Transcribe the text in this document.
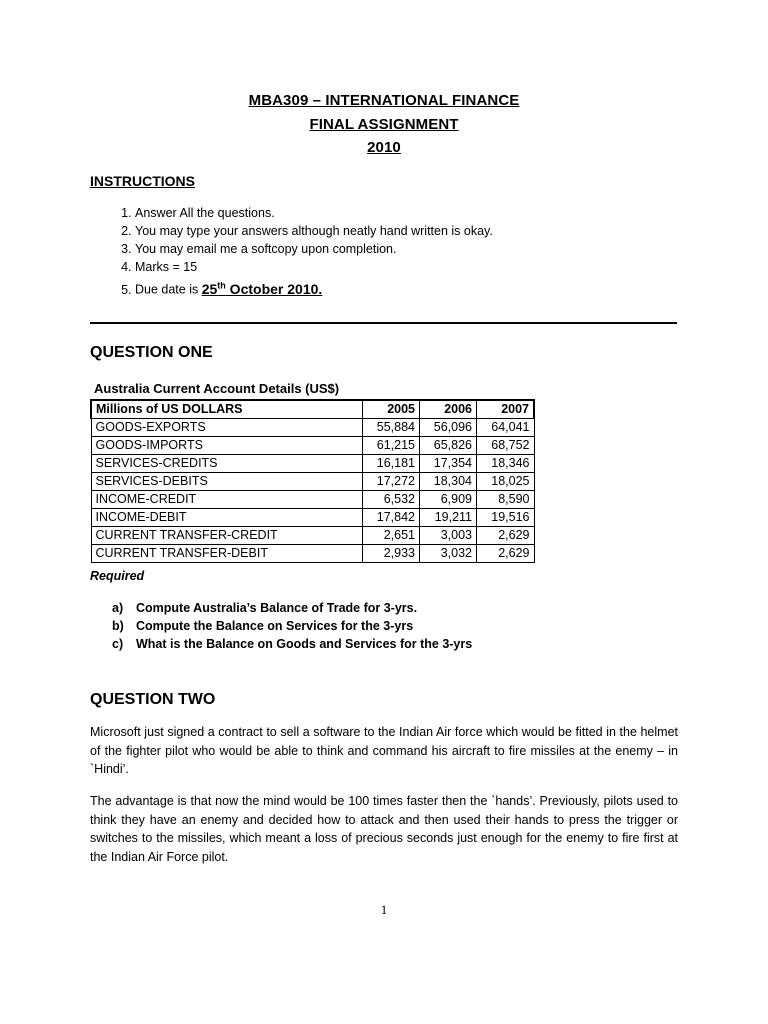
MBA309 – INTERNATIONAL FINANCE
FINAL ASSIGNMENT
2010
INSTRUCTIONS
1. Answer All the questions.
2. You may type your answers although neatly hand written is okay.
3. You may email me a softcopy upon completion.
4. Marks = 15
5. Due date is 25th October 2010.
QUESTION ONE
Australia Current Account Details (US$)
Millions of US DOLLARS	2005	2006	2007
GOODS-EXPORTS	55,884	56,096	64,041
GOODS-IMPORTS	61,215	65,826	68,752
SERVICES-CREDITS	16,181	17,354	18,346
SERVICES-DEBITS	17,272	18,304	18,025
INCOME-CREDIT	6,532	6,909	8,590
INCOME-DEBIT	17,842	19,211	19,516
CURRENT TRANSFER-CREDIT	2,651	3,003	2,629
CURRENT TRANSFER-DEBIT	2,933	3,032	2,629
Required
a) Compute Australia’s Balance of Trade for 3-yrs.
b) Compute the Balance on Services for the 3-yrs
c) What is the Balance on Goods and Services for the 3-yrs
QUESTION TWO

Microsoft just signed a contract to sell a software to the Indian Air force which would be fitted in the helmet of the fighter pilot who would be able to think and command his aircraft to fire missiles at the enemy – in `Hindi’.

The advantage is that now the mind would be 100 times faster then the `hands’. Previously, pilots used to think they have an enemy and decided how to attack and then used their hands to press the trigger or switches to the missiles, which meant a loss of precious seconds just enough for the enemy to fire first at the Indian Air Force pilot.

1
